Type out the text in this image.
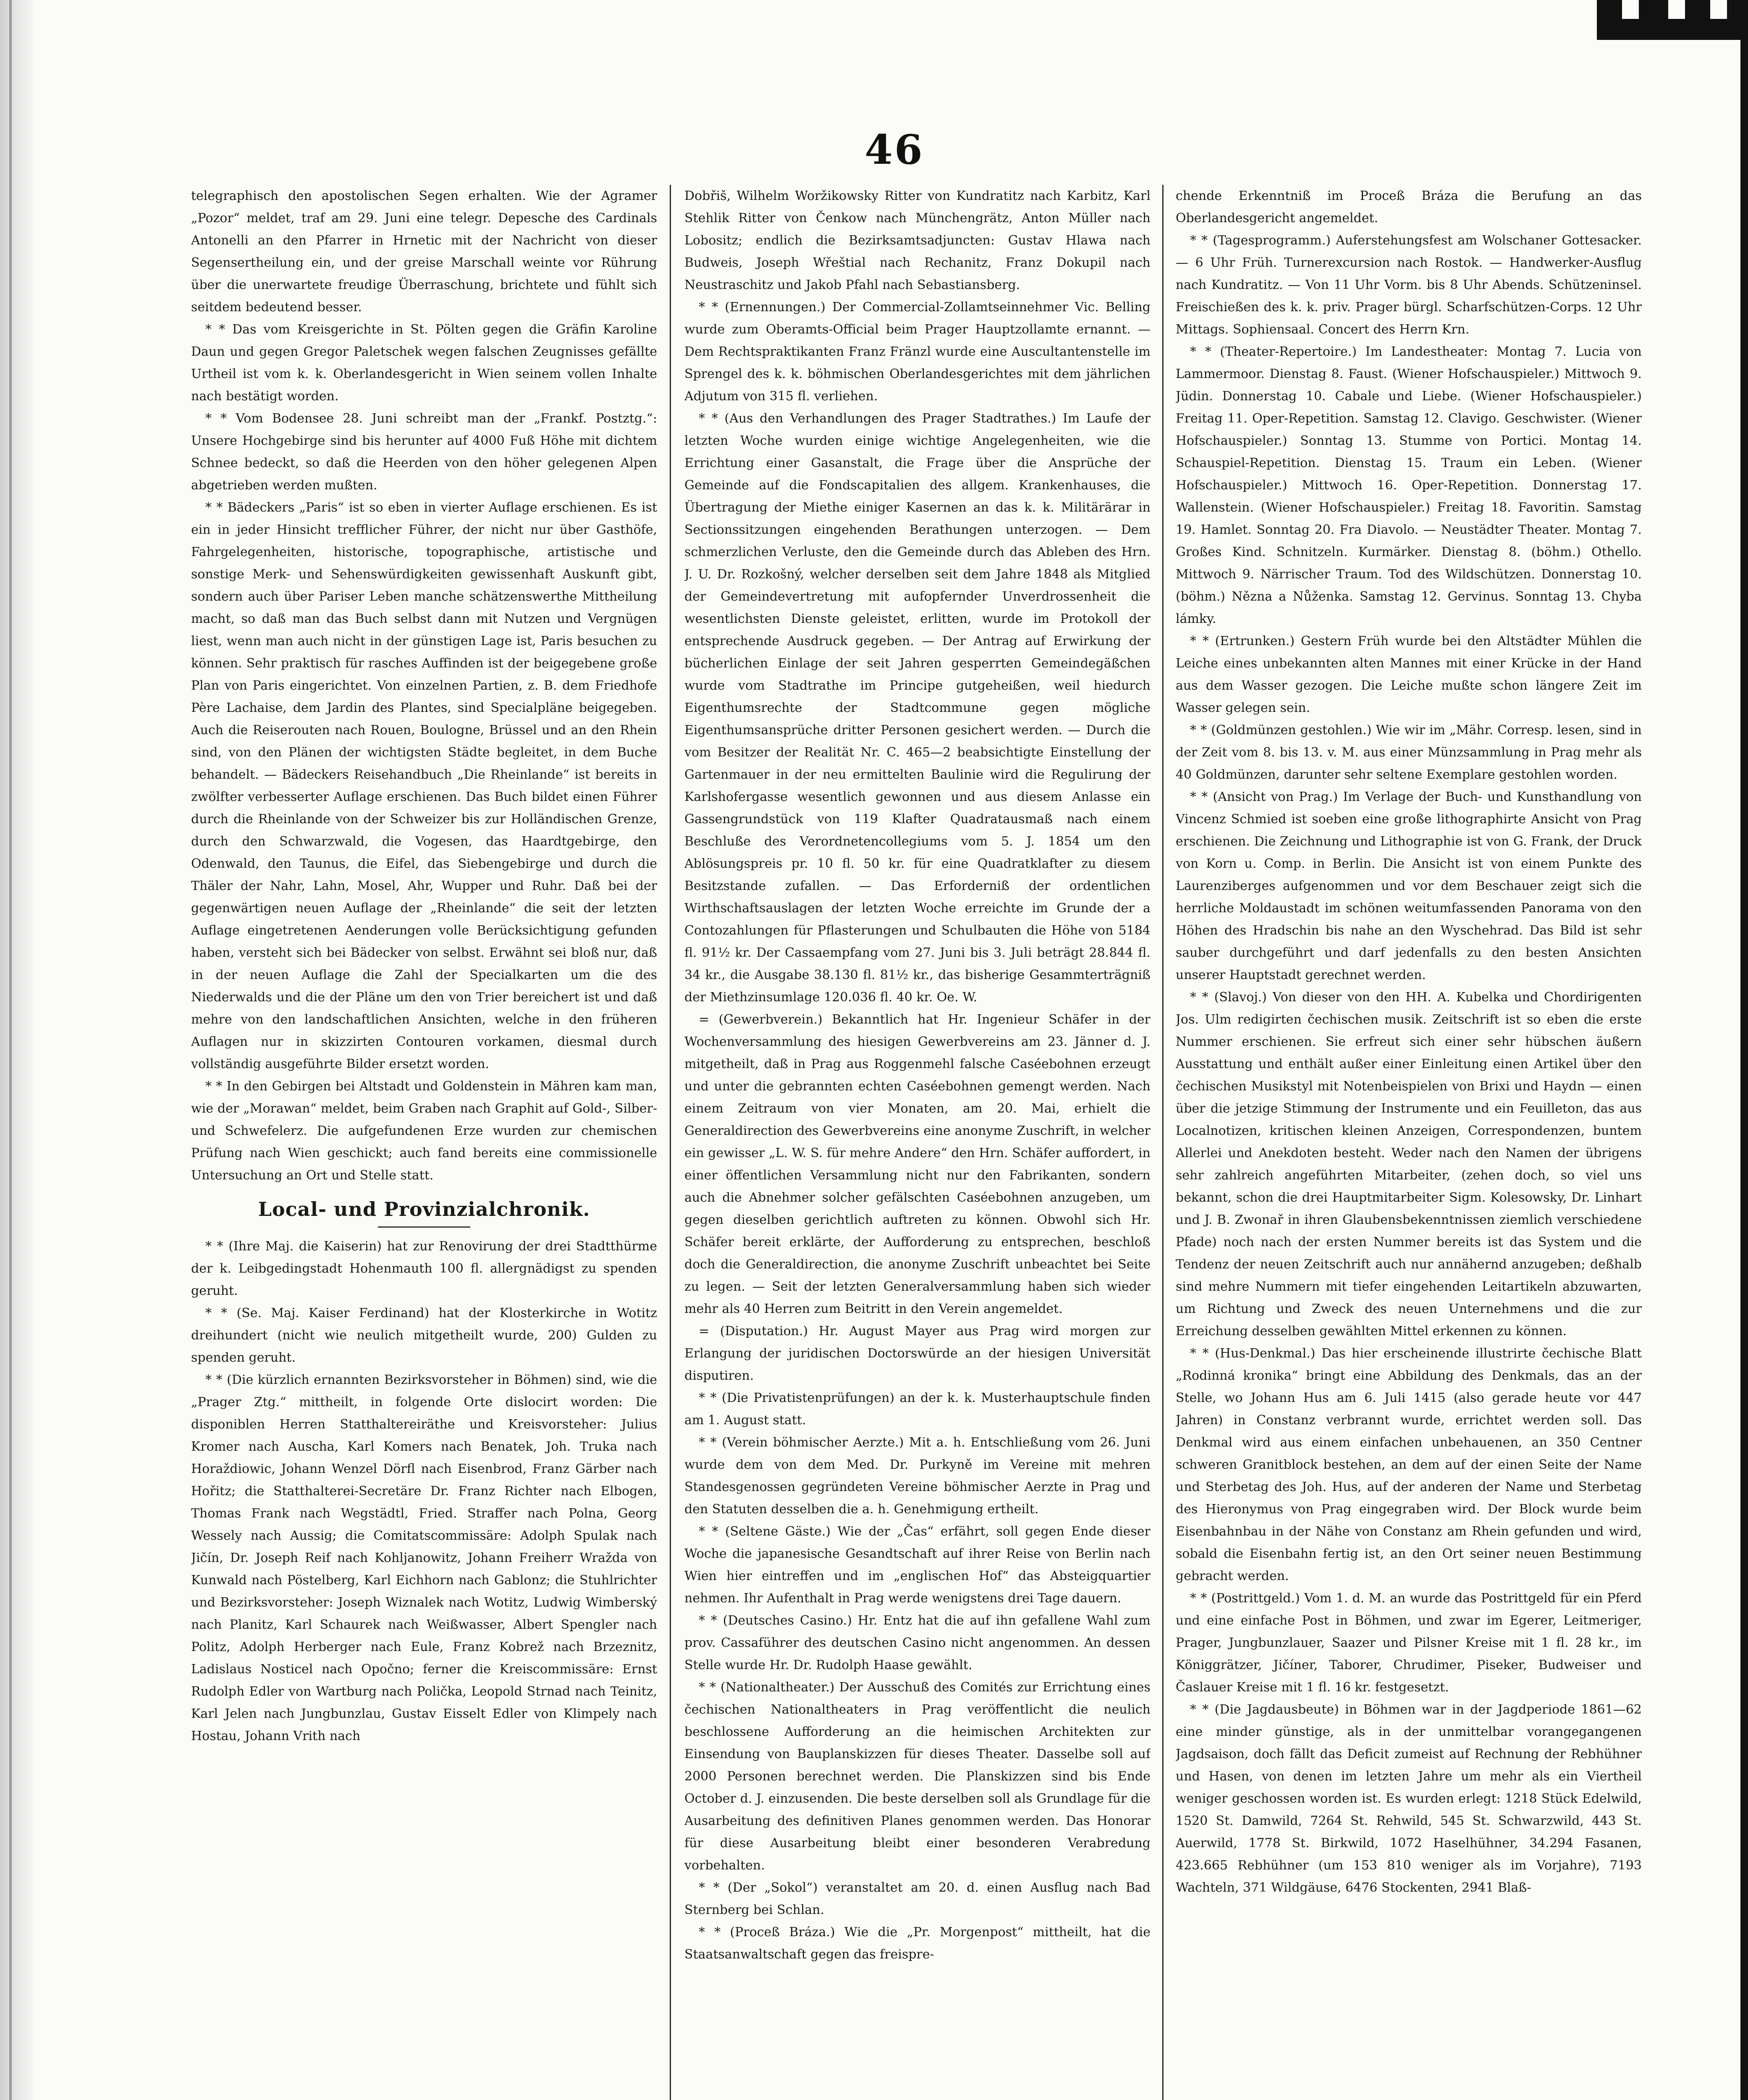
46

telegraphisch den apostolischen Segen erhalten. Wie der Agramer „Pozor“ meldet, traf am 29. Juni eine telegr. Depesche des Cardinals Antonelli an den Pfarrer in Hrnetic mit der Nachricht von dieser Segensertheilung ein, und der greise Marschall weinte vor Rührung über die unerwartete freudige Überraschung, brichtete und fühlt sich seitdem bedeutend besser.

* * Das vom Kreisgerichte in St. Pölten gegen die Gräfin Karoline Daun und gegen Gregor Paletschek wegen falschen Zeugnisses gefällte Urtheil ist vom k. k. Oberlandesgericht in Wien seinem vollen Inhalte nach bestätigt worden.

* * Vom Bodensee 28. Juni schreibt man der „Frankf. Postztg.“: Unsere Hochgebirge sind bis herunter auf 4000 Fuß Höhe mit dichtem Schnee bedeckt, so daß die Heerden von den höher gelegenen Alpen abgetrieben werden mußten.

* * Bädeckers „Paris“ ist so eben in vierter Auflage erschienen. Es ist ein in jeder Hinsicht trefflicher Führer, der nicht nur über Gasthöfe, Fahrgelegenheiten, historische, topographische, artistische und sonstige Merk- und Sehenswürdigkeiten gewissenhaft Auskunft gibt, sondern auch über Pariser Leben manche schätzenswerthe Mittheilung macht, so daß man das Buch selbst dann mit Nutzen und Vergnügen liest, wenn man auch nicht in der günstigen Lage ist, Paris besuchen zu können. Sehr praktisch für rasches Auffinden ist der beigegebene große Plan von Paris eingerichtet. Von einzelnen Partien, z. B. dem Friedhofe Père Lachaise, dem Jardin des Plantes, sind Specialpläne beigegeben. Auch die Reiserouten nach Rouen, Boulogne, Brüssel und an den Rhein sind, von den Plänen der wichtigsten Städte begleitet, in dem Buche behandelt. — Bädeckers Reisehandbuch „Die Rheinlande“ ist bereits in zwölfter verbesserter Auflage erschienen. Das Buch bildet einen Führer durch die Rheinlande von der Schweizer bis zur Holländischen Grenze, durch den Schwarzwald, die Vogesen, das Haardtgebirge, den Odenwald, den Taunus, die Eifel, das Siebengebirge und durch die Thäler der Nahr, Lahn, Mosel, Ahr, Wupper und Ruhr. Daß bei der gegenwärtigen neuen Auflage der „Rheinlande“ die seit der letzten Auflage eingetretenen Aenderungen volle Berücksichtigung gefunden haben, versteht sich bei Bädecker von selbst. Erwähnt sei bloß nur, daß in der neuen Auflage die Zahl der Specialkarten um die des Niederwalds und die der Pläne um den von Trier bereichert ist und daß mehre von den landschaftlichen Ansichten, welche in den früheren Auflagen nur in skizzirten Contouren vorkamen, diesmal durch vollständig ausgeführte Bilder ersetzt worden.

* * In den Gebirgen bei Altstadt und Goldenstein in Mähren kam man, wie der „Morawan“ meldet, beim Graben nach Graphit auf Gold-, Silber- und Schwefelerz. Die aufgefundenen Erze wurden zur chemischen Prüfung nach Wien geschickt; auch fand bereits eine commissionelle Untersuchung an Ort und Stelle statt.

Local- und Provinzialchronik.

* * (Ihre Maj. die Kaiserin) hat zur Renovirung der drei Stadtthürme der k. Leibgedingstadt Hohenmauth 100 fl. allergnädigst zu spenden geruht.

* * (Se. Maj. Kaiser Ferdinand) hat der Klosterkirche in Wotitz dreihundert (nicht wie neulich mitgetheilt wurde, 200) Gulden zu spenden geruht.

* * (Die kürzlich ernannten Bezirksvorsteher in Böhmen) sind, wie die „Prager Ztg.“ mittheilt, in folgende Orte dislocirt worden: Die disponiblen Herren Statthaltereiräthe und Kreisvorsteher: Julius Kromer nach Auscha, Karl Komers nach Benatek, Joh. Truka nach Horaždiowic, Johann Wenzel Dörfl nach Eisenbrod, Franz Gärber nach Hořitz; die Statthalterei-Secretäre Dr. Franz Richter nach Elbogen, Thomas Frank nach Wegstädtl, Fried. Straffer nach Polna, Georg Wessely nach Aussig; die Comitatscommissäre: Adolph Spulak nach Jičín, Dr. Joseph Reif nach Kohljanowitz, Johann Freiherr Wražda von Kunwald nach Pöstelberg, Karl Eichhorn nach Gablonz; die Stuhlrichter und Bezirksvorsteher: Joseph Wiznalek nach Wotitz, Ludwig Wimberský nach Planitz, Karl Schaurek nach Weißwasser, Albert Spengler nach Politz, Adolph Herberger nach Eule, Franz Kobrež nach Brzeznitz, Ladislaus Nosticel nach Opočno; ferner die Kreiscommissäre: Ernst Rudolph Edler von Wartburg nach Polička, Leopold Strnad nach Teinitz, Karl Jelen nach Jungbunzlau, Gustav Eisselt Edler von Klimpely nach Hostau, Johann Vrith nach

Dobřiš, Wilhelm Woržikowsky Ritter von Kundratitz nach Karbitz, Karl Stehlik Ritter von Čenkow nach Münchengrätz, Anton Müller nach Lobositz; endlich die Bezirksamtsadjuncten: Gustav Hlawa nach Budweis, Joseph Wřeštial nach Rechanitz, Franz Dokupil nach Neustraschitz und Jakob Pfahl nach Sebastiansberg.

* * (Ernennungen.) Der Commercial-Zollamtseinnehmer Vic. Belling wurde zum Oberamts-Official beim Prager Hauptzollamte ernannt. — Dem Rechtspraktikanten Franz Fränzl wurde eine Auscultantenstelle im Sprengel des k. k. böhmischen Oberlandesgerichtes mit dem jährlichen Adjutum von 315 fl. verliehen.

* * (Aus den Verhandlungen des Prager Stadtrathes.) Im Laufe der letzten Woche wurden einige wichtige Angelegenheiten, wie die Errichtung einer Gasanstalt, die Frage über die Ansprüche der Gemeinde auf die Fondscapitalien des allgem. Krankenhauses, die Übertragung der Miethe einiger Kasernen an das k. k. Militärärar in Sectionssitzungen eingehenden Berathungen unterzogen. — Dem schmerzlichen Verluste, den die Gemeinde durch das Ableben des Hrn. J. U. Dr. Rozkošný, welcher derselben seit dem Jahre 1848 als Mitglied der Gemeindevertretung mit aufopfernder Unverdrossenheit die wesentlichsten Dienste geleistet, erlitten, wurde im Protokoll der entsprechende Ausdruck gegeben. — Der Antrag auf Erwirkung der bücherlichen Einlage der seit Jahren gesperrten Gemeindegäßchen wurde vom Stadtrathe im Principe gutgeheißen, weil hiedurch Eigenthumsrechte der Stadtcommune gegen mögliche Eigenthumsansprüche dritter Personen gesichert werden. — Durch die vom Besitzer der Realität Nr. C. 465—2 beabsichtigte Einstellung der Gartenmauer in der neu ermittelten Baulinie wird die Regulirung der Karlshofergasse wesentlich gewonnen und aus diesem Anlasse ein Gassengrundstück von 119 Klafter Quadratausmaß nach einem Beschluße des Verordnetencollegiums vom 5. J. 1854 um den Ablösungspreis pr. 10 fl. 50 kr. für eine Quadratklafter zu diesem Besitzstande zufallen. — Das Erforderniß der ordentlichen Wirthschaftsauslagen der letzten Woche erreichte im Grunde der a Contozahlungen für Pflasterungen und Schulbauten die Höhe von 5184 fl. 91½ kr. Der Cassaempfang vom 27. Juni bis 3. Juli beträgt 28.844 fl. 34 kr., die Ausgabe 38.130 fl. 81½ kr., das bisherige Gesammterträgniß der Miethzinsumlage 120.036 fl. 40 kr. Oe. W.

= (Gewerbverein.) Bekanntlich hat Hr. Ingenieur Schäfer in der Wochenversammlung des hiesigen Gewerbvereins am 23. Jänner d. J. mitgetheilt, daß in Prag aus Roggenmehl falsche Caséebohnen erzeugt und unter die gebrannten echten Caséebohnen gemengt werden. Nach einem Zeitraum von vier Monaten, am 20. Mai, erhielt die Generaldirection des Gewerbvereins eine anonyme Zuschrift, in welcher ein gewisser „L. W. S. für mehre Andere“ den Hrn. Schäfer auffordert, in einer öffentlichen Versammlung nicht nur den Fabrikanten, sondern auch die Abnehmer solcher gefälschten Caséebohnen anzugeben, um gegen dieselben gerichtlich auftreten zu können. Obwohl sich Hr. Schäfer bereit erklärte, der Aufforderung zu entsprechen, beschloß doch die Generaldirection, die anonyme Zuschrift unbeachtet bei Seite zu legen. — Seit der letzten Generalversammlung haben sich wieder mehr als 40 Herren zum Beitritt in den Verein angemeldet.

= (Disputation.) Hr. August Mayer aus Prag wird morgen zur Erlangung der juridischen Doctorswürde an der hiesigen Universität disputiren.

* * (Die Privatistenprüfungen) an der k. k. Musterhauptschule finden am 1. August statt.

* * (Verein böhmischer Aerzte.) Mit a. h. Entschließung vom 26. Juni wurde dem von dem Med. Dr. Purkyně im Vereine mit mehren Standesgenossen gegründeten Vereine böhmischer Aerzte in Prag und den Statuten desselben die a. h. Genehmigung ertheilt.

* * (Seltene Gäste.) Wie der „Čas“ erfährt, soll gegen Ende dieser Woche die japanesische Gesandtschaft auf ihrer Reise von Berlin nach Wien hier eintreffen und im „englischen Hof“ das Absteigquartier nehmen. Ihr Aufenthalt in Prag werde wenigstens drei Tage dauern.

* * (Deutsches Casino.) Hr. Entz hat die auf ihn gefallene Wahl zum prov. Cassaführer des deutschen Casino nicht angenommen. An dessen Stelle wurde Hr. Dr. Rudolph Haase gewählt.

* * (Nationaltheater.) Der Ausschuß des Comités zur Errichtung eines čechischen Nationaltheaters in Prag veröffentlicht die neulich beschlossene Aufforderung an die heimischen Architekten zur Einsendung von Bauplanskizzen für dieses Theater. Dasselbe soll auf 2000 Personen berechnet werden. Die Planskizzen sind bis Ende October d. J. einzusenden. Die beste derselben soll als Grundlage für die Ausarbeitung des definitiven Planes genommen werden. Das Honorar für diese Ausarbeitung bleibt einer besonderen Verabredung vorbehalten.

* * (Der „Sokol“) veranstaltet am 20. d. einen Ausflug nach Bad Sternberg bei Schlan.

* * (Proceß Bráza.) Wie die „Pr. Morgenpost“ mittheilt, hat die Staatsanwaltschaft gegen das freispre-

chende Erkenntniß im Proceß Bráza die Berufung an das Oberlandesgericht angemeldet.

* * (Tagesprogramm.) Auferstehungsfest am Wolschaner Gottesacker. — 6 Uhr Früh. Turnerexcursion nach Rostok. — Handwerker-Ausflug nach Kundratitz. — Von 11 Uhr Vorm. bis 8 Uhr Abends. Schützeninsel. Freischießen des k. k. priv. Prager bürgl. Scharfschützen-Corps. 12 Uhr Mittags. Sophiensaal. Concert des Herrn Krn.

* * (Theater-Repertoire.) Im Landestheater: Montag 7. Lucia von Lammermoor. Dienstag 8. Faust. (Wiener Hofschauspieler.) Mittwoch 9. Jüdin. Donnerstag 10. Cabale und Liebe. (Wiener Hofschauspieler.) Freitag 11. Oper-Repetition. Samstag 12. Clavigo. Geschwister. (Wiener Hofschauspieler.) Sonntag 13. Stumme von Portici. Montag 14. Schauspiel-Repetition. Dienstag 15. Traum ein Leben. (Wiener Hofschauspieler.) Mittwoch 16. Oper-Repetition. Donnerstag 17. Wallenstein. (Wiener Hofschauspieler.) Freitag 18. Favoritin. Samstag 19. Hamlet. Sonntag 20. Fra Diavolo. — Neustädter Theater. Montag 7. Großes Kind. Schnitzeln. Kurmärker. Dienstag 8. (böhm.) Othello. Mittwoch 9. Närrischer Traum. Tod des Wildschützen. Donnerstag 10. (böhm.) Nězna a Nůženka. Samstag 12. Gervinus. Sonntag 13. Chyba lámky.

* * (Ertrunken.) Gestern Früh wurde bei den Altstädter Mühlen die Leiche eines unbekannten alten Mannes mit einer Krücke in der Hand aus dem Wasser gezogen. Die Leiche mußte schon längere Zeit im Wasser gelegen sein.

* * (Goldmünzen gestohlen.) Wie wir im „Mähr. Corresp. lesen, sind in der Zeit vom 8. bis 13. v. M. aus einer Münzsammlung in Prag mehr als 40 Goldmünzen, darunter sehr seltene Exemplare gestohlen worden.

* * (Ansicht von Prag.) Im Verlage der Buch- und Kunsthandlung von Vincenz Schmied ist soeben eine große lithographirte Ansicht von Prag erschienen. Die Zeichnung und Lithographie ist von G. Frank, der Druck von Korn u. Comp. in Berlin. Die Ansicht ist von einem Punkte des Laurenziberges aufgenommen und vor dem Beschauer zeigt sich die herrliche Moldaustadt im schönen weitumfassenden Panorama von den Höhen des Hradschin bis nahe an den Wyschehrad. Das Bild ist sehr sauber durchgeführt und darf jedenfalls zu den besten Ansichten unserer Hauptstadt gerechnet werden.

* * (Slavoj.) Von dieser von den HH. A. Kubelka und Chordirigenten Jos. Ulm redigirten čechischen musik. Zeitschrift ist so eben die erste Nummer erschienen. Sie erfreut sich einer sehr hübschen äußern Ausstattung und enthält außer einer Einleitung einen Artikel über den čechischen Musikstyl mit Notenbeispielen von Brixi und Haydn — einen über die jetzige Stimmung der Instrumente und ein Feuilleton, das aus Localnotizen, kritischen kleinen Anzeigen, Correspondenzen, buntem Allerlei und Anekdoten besteht. Weder nach den Namen der übrigens sehr zahlreich angeführten Mitarbeiter, (zehen doch, so viel uns bekannt, schon die drei Hauptmitarbeiter Sigm. Kolesowsky, Dr. Linhart und J. B. Zwonař in ihren Glaubensbekenntnissen ziemlich verschiedene Pfade) noch nach der ersten Nummer bereits ist das System und die Tendenz der neuen Zeitschrift auch nur annähernd anzugeben; deßhalb sind mehre Nummern mit tiefer eingehenden Leitartikeln abzuwarten, um Richtung und Zweck des neuen Unternehmens und die zur Erreichung desselben gewählten Mittel erkennen zu können.

* * (Hus-Denkmal.) Das hier erscheinende illustrirte čechische Blatt „Rodinná kronika“ bringt eine Abbildung des Denkmals, das an der Stelle, wo Johann Hus am 6. Juli 1415 (also gerade heute vor 447 Jahren) in Constanz verbrannt wurde, errichtet werden soll. Das Denkmal wird aus einem einfachen unbehauenen, an 350 Centner schweren Granitblock bestehen, an dem auf der einen Seite der Name und Sterbetag des Joh. Hus, auf der anderen der Name und Sterbetag des Hieronymus von Prag eingegraben wird. Der Block wurde beim Eisenbahnbau in der Nähe von Constanz am Rhein gefunden und wird, sobald die Eisenbahn fertig ist, an den Ort seiner neuen Bestimmung gebracht werden.

* * (Postrittgeld.) Vom 1. d. M. an wurde das Postrittgeld für ein Pferd und eine einfache Post in Böhmen, und zwar im Egerer, Leitmeriger, Prager, Jungbunzlauer, Saazer und Pilsner Kreise mit 1 fl. 28 kr., im Königgrätzer, Jičíner, Taborer, Chrudimer, Piseker, Budweiser und Časlauer Kreise mit 1 fl. 16 kr. festgesetzt.

* * (Die Jagdausbeute) in Böhmen war in der Jagdperiode 1861—62 eine minder günstige, als in der unmittelbar vorangegangenen Jagdsaison, doch fällt das Deficit zumeist auf Rechnung der Rebhühner und Hasen, von denen im letzten Jahre um mehr als ein Viertheil weniger geschossen worden ist. Es wurden erlegt: 1218 Stück Edelwild, 1520 St. Damwild, 7264 St. Rehwild, 545 St. Schwarzwild, 443 St. Auerwild, 1778 St. Birkwild, 1072 Haselhühner, 34.294 Fasanen, 423.665 Rebhühner (um 153 810 weniger als im Vorjahre), 7193 Wachteln, 371 Wildgäuse, 6476 Stockenten, 2941 Blaß-
